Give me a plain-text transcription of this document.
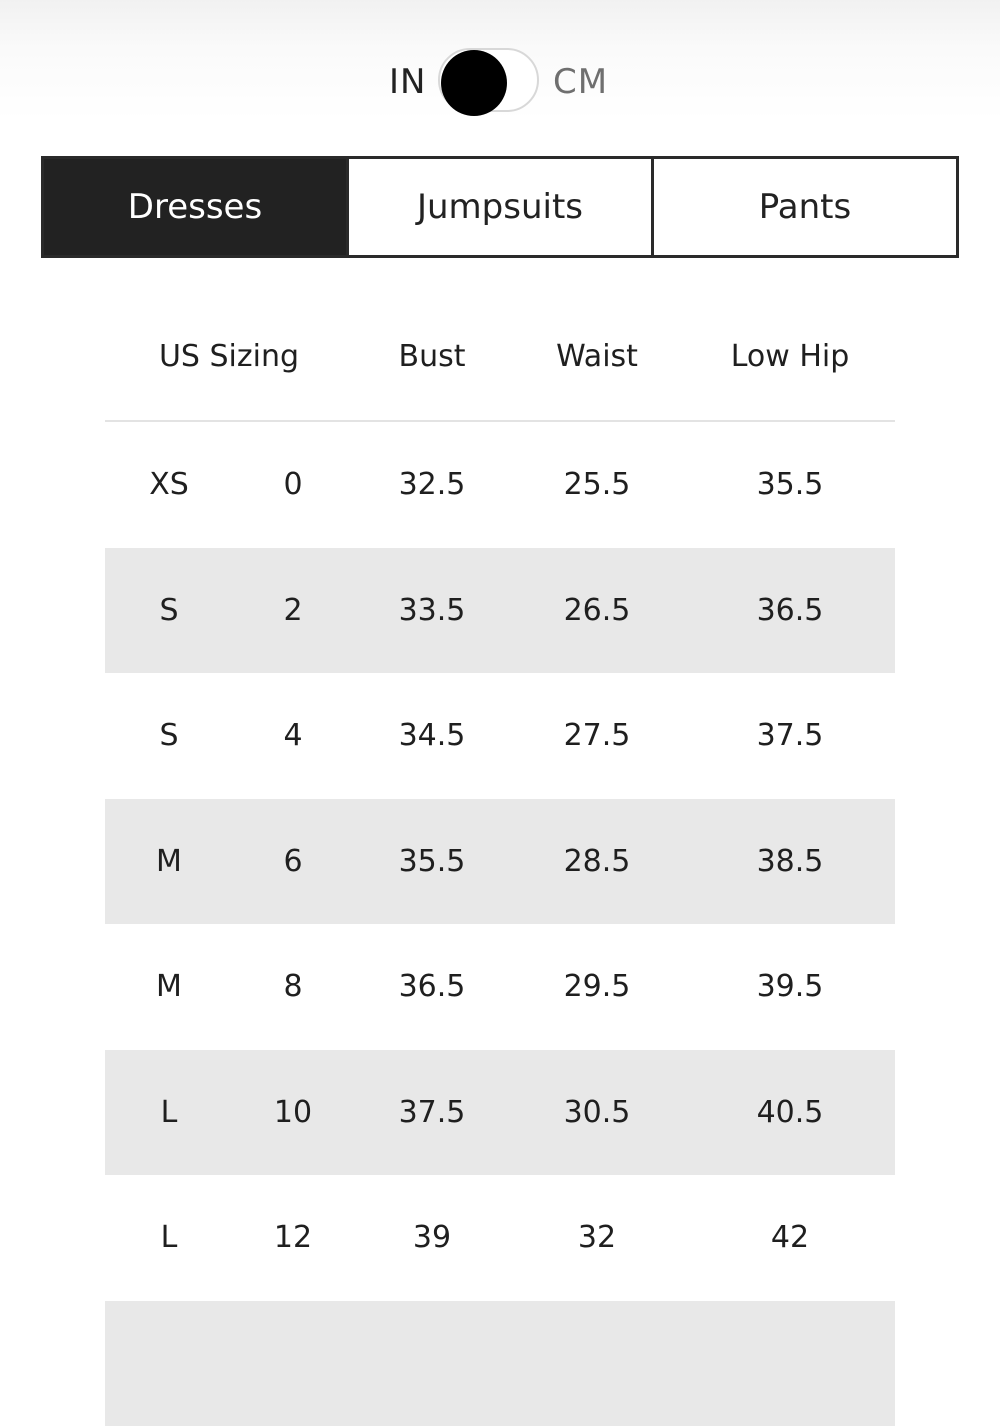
IN	CM
Dresses	Jumpsuits	Pants
US Sizing	Bust	Waist	Low Hip
XS	0	32.5	25.5	35.5
S	2	33.5	26.5	36.5
S	4	34.5	27.5	37.5
M	6	35.5	28.5	38.5
M	8	36.5	29.5	39.5
L	10	37.5	30.5	40.5
L	12	39	32	42
